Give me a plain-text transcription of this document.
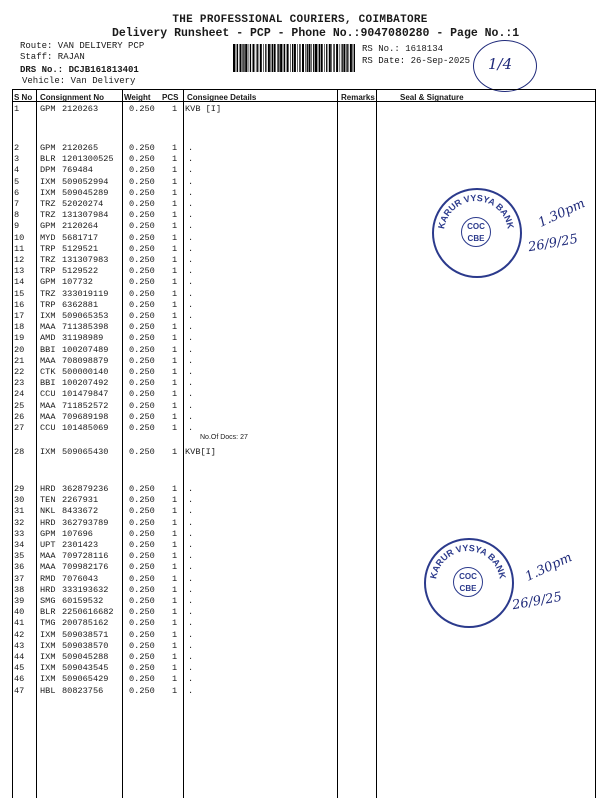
THE PROFESSIONAL COURIERS, COIMBATORE
Delivery Runsheet - PCP - Phone No.:9047080280 - Page No.:1
Route: VAN DELIVERY PCP
Staff: RAJAN
DRS No.: DCJB161813401
Vehicle: Van Delivery
RS No.: 1618134
RS Date: 26-Sep-2025 1/4
S No Consignment No	Weight PCS Consignee Details	Remarks	Seal & Signature
1	GPM 2120263	0.250 1 KVB [I]
2	GPM 2120265	0.250 1 .
3	BLR 1201300525 0.250 1 .
4	DPM 769484	0.250 1 .
5	IXM 509052994 0.250 1 .
6	IXM 509045289 0.250 1 .
7	TRZ 52020274	0.250 1 .
8	TRZ 131307984 0.250 1 .
9	GPM 2120264	0.250 1 .
10	MYD 5681717	0.250 1 .
11	TRP 5129521	0.250 1 .
12	TRZ 131307983 0.250 1 .
13	TRP 5129522	0.250 1 .
14	GPM 107732	0.250 1 .
15	TRZ 333019119 0.250 1 .
16	TRP 6362881	0.250 1 .
17	IXM 509065353 0.250 1 .
18	MAA 711385398 0.250 1 .
19	AMD 31198989	0.250 1 .
20	BBI 100207489 0.250 1 .
21	MAA 708098879 0.250 1 .
22	CTK 500000140 0.250 1 .
23	BBI 100207492 0.250 1 .
24	CCU 101479847 0.250 1 .
25	MAA 711852572 0.250 1 .
26	MAA 709689198 0.250 1 .
27	CCU 101485069 0.250 1 .
28	IXM 509065430 0.250 1 KVB[I]
29	HRD 362879236 0.250 1 .
30	TEN 2267931	0.250 1 .
31	NKL 8433672	0.250 1 .
32	HRD 362793789 0.250 1 .
33	GPM 107696	0.250 1 .
34	UPT 2301423	0.250 1 .
35	MAA 709728116 0.250 1 .
36	MAA 709982176 0.250 1 .
37	RMD 7076043	0.250 1 .
38	HRD 333193632 0.250 1 .
39	SMG 60159532	0.250 1 .
40	BLR 2250616682 0.250 1 .
41	TMG 200785162 0.250 1 .
42	IXM 509038571 0.250 1 .
43	IXM 509038570 0.250 1 .
44	IXM 509045288 0.250 1 .
45	IXM 509043545 0.250 1 .
46	IXM 509065429 0.250 1 .
47	HBL 80823756	0.250 1 .
No.Of Docs: 27
KARUR VYSYA BANK
COC
CBE
1.30pm
26/9/25
KARUR VYSYA BANK
COC
CBE
1.30pm
26/9/25
